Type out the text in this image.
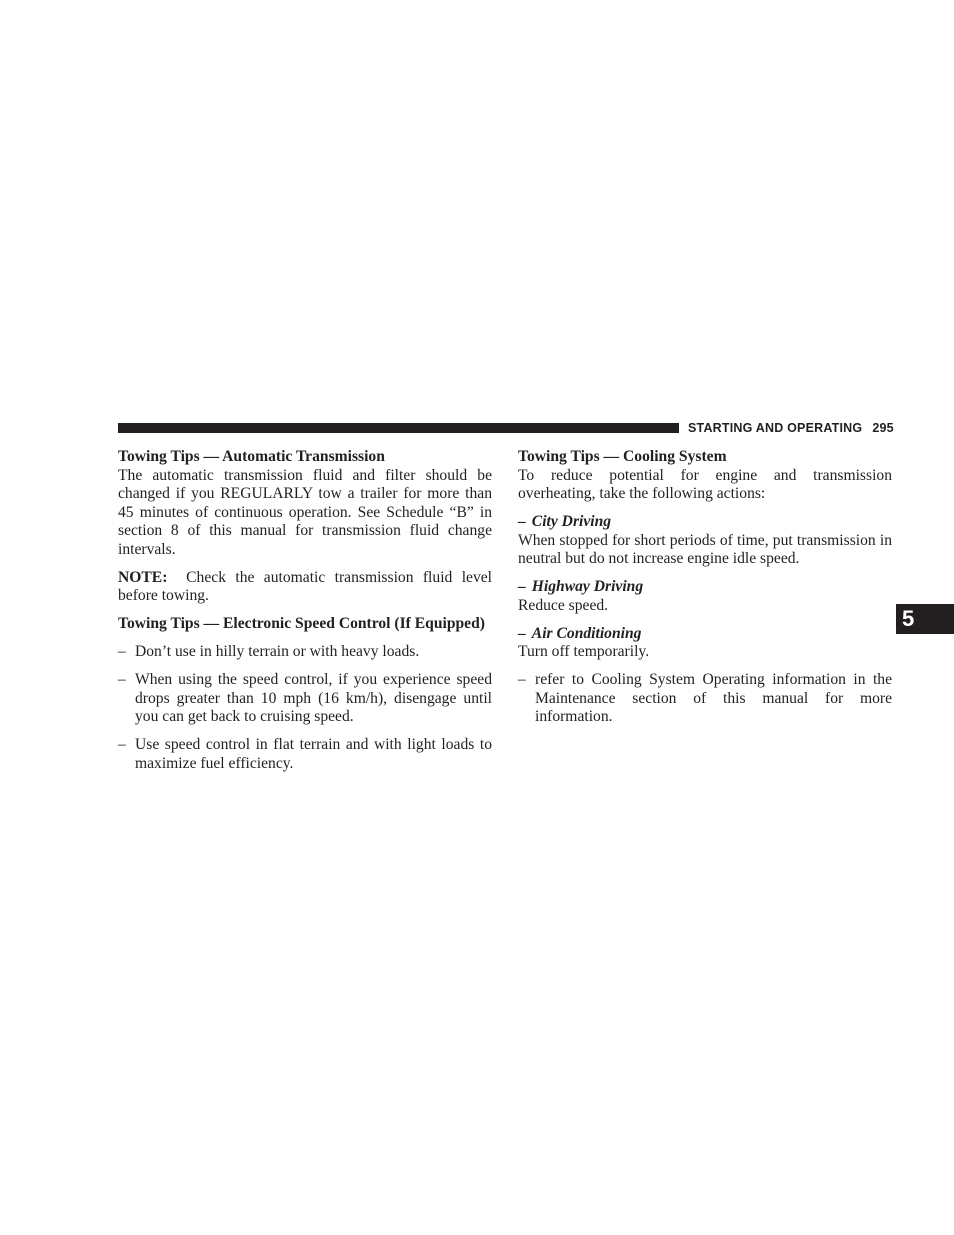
STARTING AND OPERATING 295
Towing Tips — Automatic Transmission

The automatic transmission fluid and filter should be changed if you REGULARLY tow a trailer for more than 45 minutes of continuous operation. See Schedule “B” in section 8 of this manual for transmission fluid change intervals.

NOTE: Check the automatic transmission fluid level before towing.

Towing Tips — Electronic Speed Control (If Equipped)
– Don’t use in hilly terrain or with heavy loads.
– When using the speed control, if you experience speed drops greater than 10 mph (16 km/h), disengage until you can get back to cruising speed.
– Use speed control in flat terrain and with light loads to maximize fuel efficiency.
Towing Tips — Cooling System

To reduce potential for engine and transmission overheating, take the following actions:

– City Driving

When stopped for short periods of time, put transmission in neutral but do not increase engine idle speed.

– Highway Driving

Reduce speed.

– Air Conditioning

Turn off temporarily.

– refer to Cooling System Operating information in the Maintenance section of this manual for more information.
5
